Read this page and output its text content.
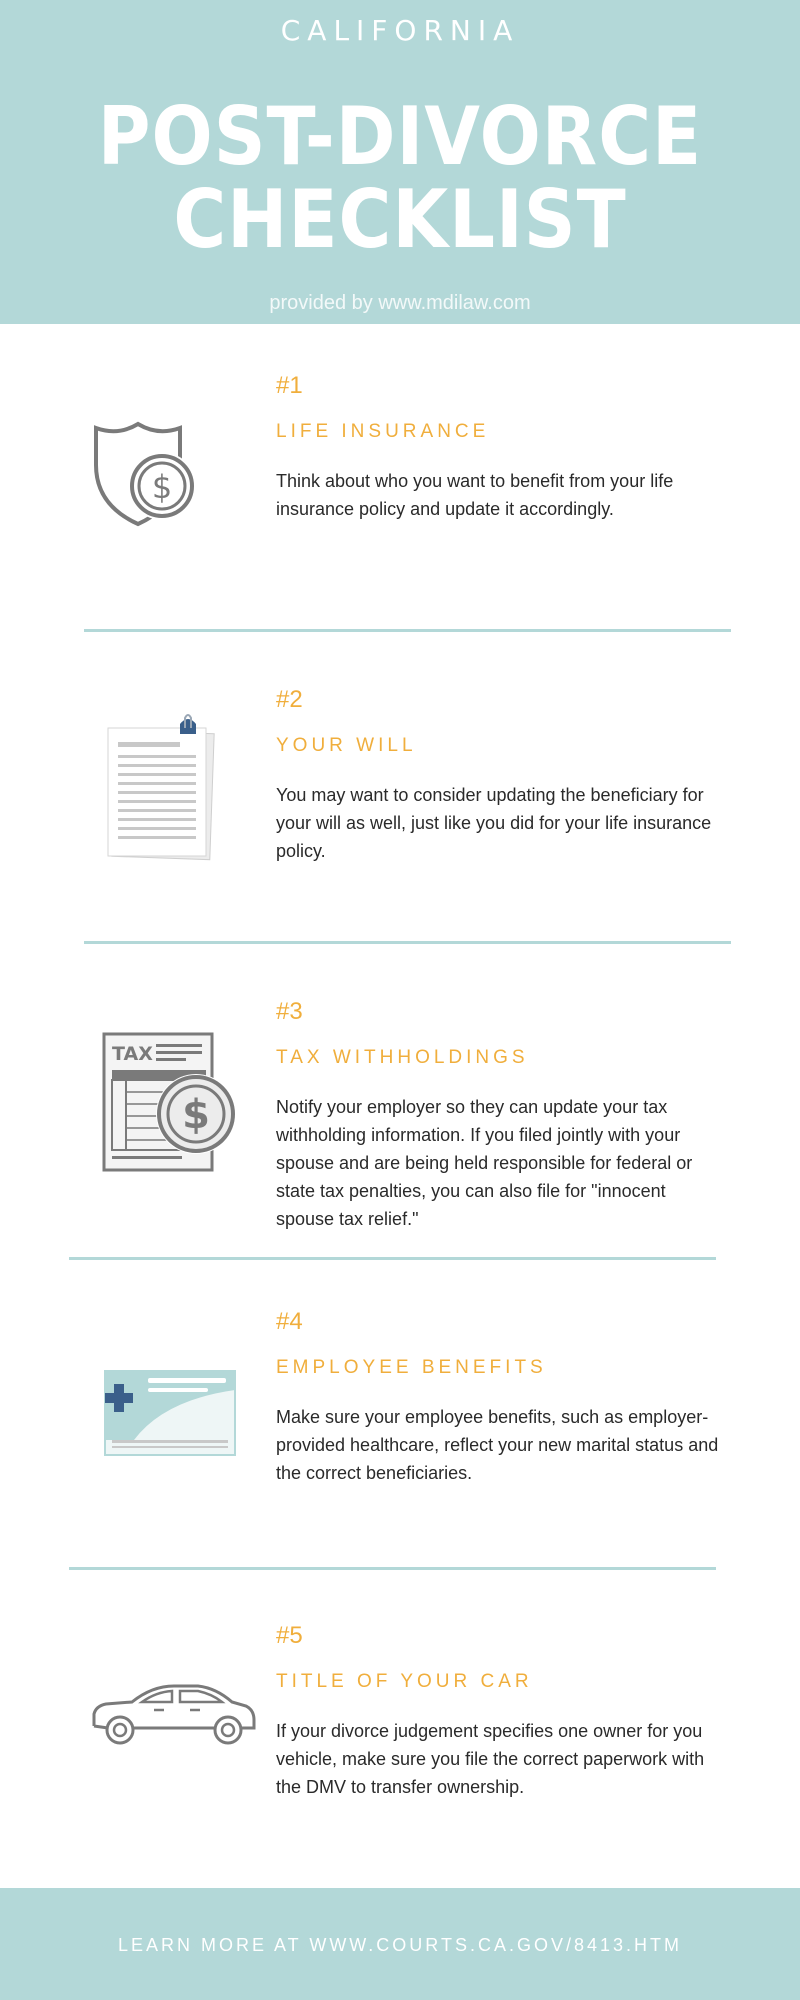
CALIFORNIA
POST-DIVORCE
CHECKLIST
provided by www.mdilaw.com
$
#1
LIFE INSURANCE
Think about who you want to benefit from your life insurance policy and update it accordingly.
#2
YOUR WILL
You may want to consider updating the beneficiary for your will as well, just like you did for your life insurance policy.
TAX
$
#3
TAX WITHHOLDINGS
Notify your employer so they can update your tax withholding information. If you filed jointly with your spouse and are being held responsible for federal or state tax penalties, you can also file for "innocent spouse tax relief."
#4
EMPLOYEE BENEFITS
Make sure your employee benefits, such as employer-provided healthcare, reflect your new marital status and the correct beneficiaries.
#5
TITLE OF YOUR CAR
If your divorce judgement specifies one owner for you vehicle, make sure you file the correct paperwork with the DMV to transfer ownership.
LEARN MORE AT WWW.COURTS.CA.GOV/8413.HTM
